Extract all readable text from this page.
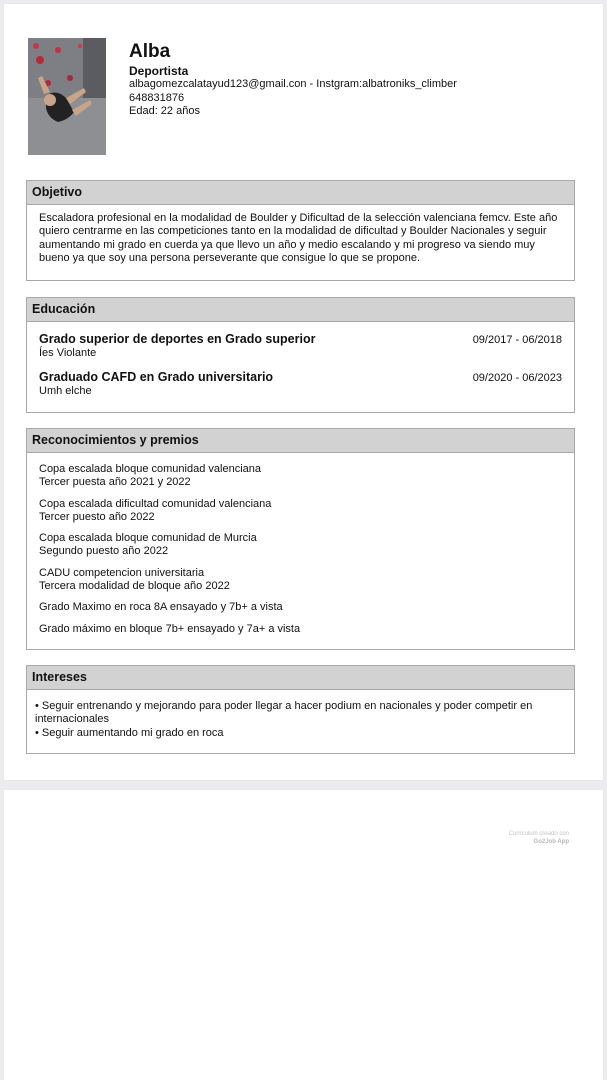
Alba
Deportista
albagomezcalatayud123@gmail.con - Instgram:albatroniks_climber
648831876
Edad: 22 años
Objetivo
Escaladora profesional en la modalidad de Boulder y Dificultad de la selección valenciana femcv. Este año quiero centrarme en las competiciones tanto en la modalidad de dificultad y Boulder Nacionales y seguir aumentando mi grado en cuerda ya que llevo un año y medio escalando y mi progreso va siendo muy bueno ya que soy una persona perseverante que consigue lo que se propone.
Educación
Grado superior de deportes en Grado superior
Íes Violante
09/2017 - 06/2018
Graduado CAFD en Grado universitario
Umh elche
09/2020 - 06/2023
Reconocimientos y premios
Copa escalada bloque comunidad valenciana
Tercer puesta año 2021 y 2022
Copa escalada dificultad comunidad valenciana
Tercer puesto año 2022
Copa escalada bloque comunidad de Murcia
Segundo puesto año 2022
CADU competencion universitaria
Tercera modalidad de bloque año 2022
Grado Maximo en roca 8A ensayado y 7b+ a vista
Grado máximo en bloque 7b+ ensayado y 7a+ a vista
Intereses
• Seguir entrenando y mejorando para poder llegar a hacer podium en nacionales y poder competir en internacionales
• Seguir aumentando mi grado en roca
Curriculum creado con
Go2Job App
